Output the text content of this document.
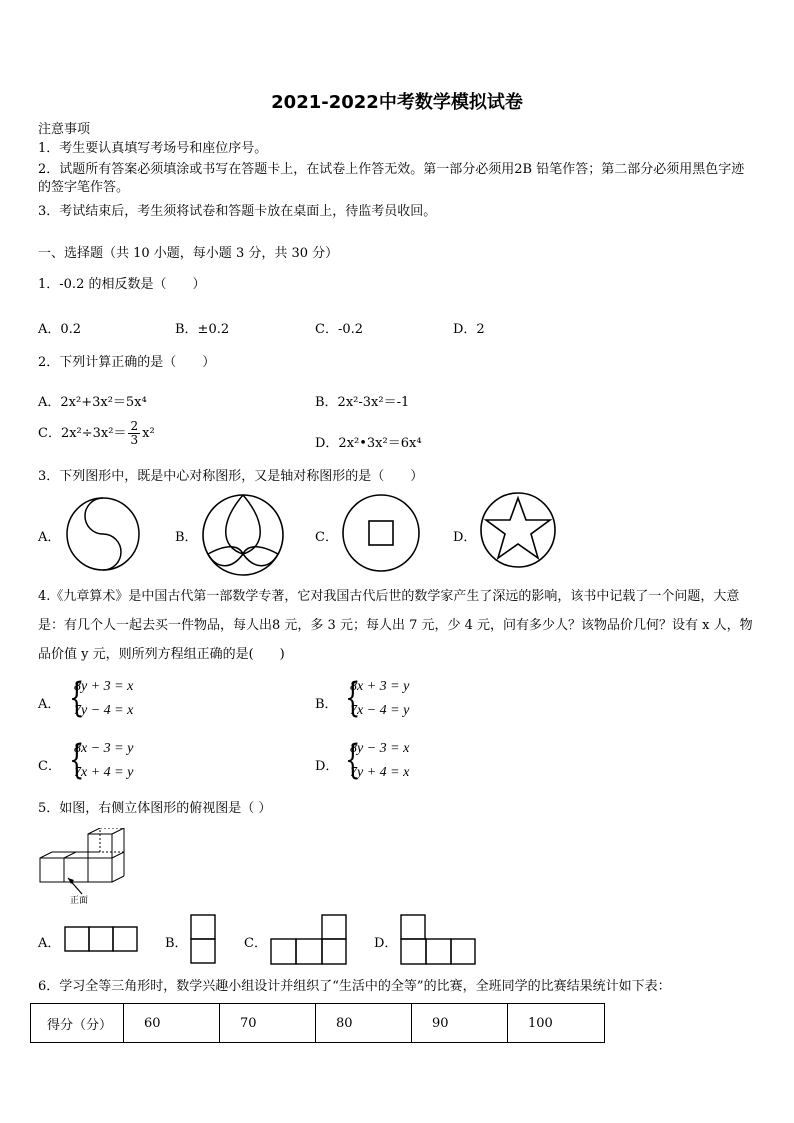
2021-2022中考数学模拟试卷
注意事项
1．考生要认真填写考场号和座位序号。
2．试题所有答案必须填涂或书写在答题卡上，在试卷上作答无效。第一部分必须用2B 铅笔作答；第二部分必须用黑色字迹的签字笔作答。
3．考试结束后，考生须将试卷和答题卡放在桌面上，待监考员收回。
一、选择题（共 10 小题，每小题 3 分，共 30 分）
1．-0.2 的相反数是（　　）
A．0.2	B．±0.2	C．-0.2	D．2
2．下列计算正确的是（　　）
A．2x²+3x²＝5x⁴	B．2x²-3x²＝-1
C．$2x^2\div 3x^2= \frac{2}{3} x^2$
D．2x²•3x²＝6x⁴
3．下列图形中，既是中心对称图形，又是轴对称图形的是（　　）
A．	B．	C．	D．
4.《九章算术》是中国古代第一部数学专著，它对我国古代后世的数学家产生了深远的影响，该书中记载了一个问题，大意是：有几个人一起去买一件物品，每人出8 元，多 3 元；每人出 7 元，少 4 元，问有多少人？该物品价几何？设有 x 人，物品价值 y 元，则所列方程组正确的是(　　)
A． {
8y + 3 = x
7y − 4 = x	B． {
8x + 3 = y
7x − 4 = y
C． {
8x − 3 = y
7x + 4 = y	D． {
8y − 3 = x
7y + 4 = x
5．如图，右侧立体图形的俯视图是（ ）
正面
A．	B．	C．	D．
6．学习全等三角形时，数学兴趣小组设计并组织了“生活中的全等”的比赛，全班同学的比赛结果统计如下表：
得分（分）	60	70	80	90	100
